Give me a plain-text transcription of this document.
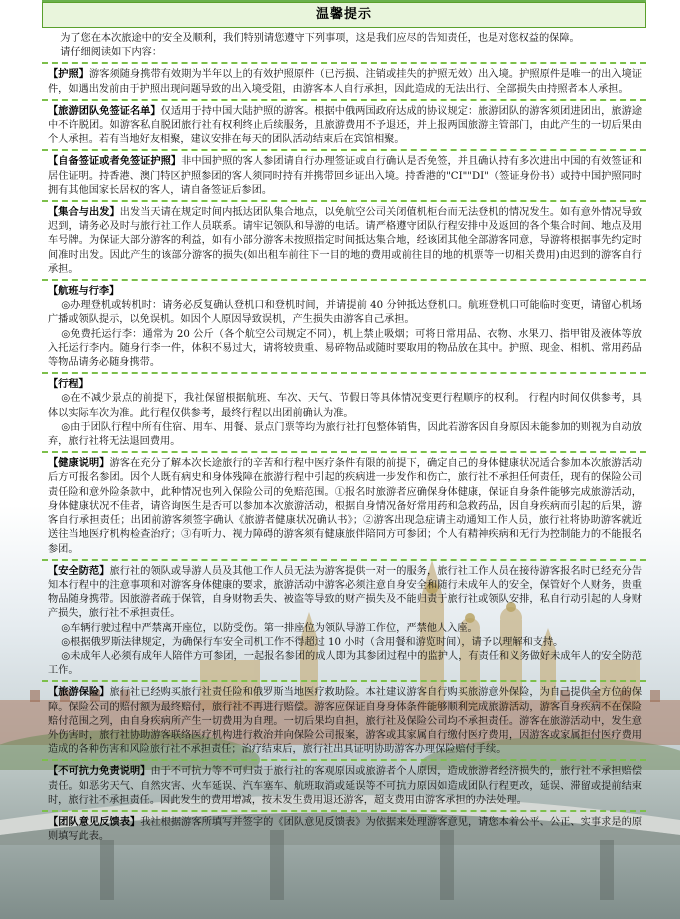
温馨提示

为了您在本次旅途中的安全及顺利，我们特别请您遵守下列事项，这是我们应尽的告知责任，也是对您权益的保障。

请仔细阅读如下内容：

【护照】游客须随身携带有效期为半年以上的有效护照原件（已污损、注销或挂失的护照无效）出入境。护照原件是唯一的出入境证件，如遇出发前由于护照出现问题导致的出入境受阻，由游客本人自行承担，因此造成的无法出行、全部损失由持照者本人承担。

【旅游团队免签证名单】仅适用于持中国大陆护照的游客。根据中俄两国政府达成的协议规定：旅游团队的游客须团进团出，旅游途中不许脱团。如游客私自脱团旅行社有权利终止后续服务，且旅游费用不予退还，并上报两国旅游主管部门，由此产生的一切后果由个人承担。若有当地好友相聚，建议安排在每天的团队活动结束后在宾馆相聚。

【自备签证或者免签证护照】非中国护照的客人参团请自行办理签证或自行确认是否免签，并且确认持有多次进出中国的有效签证和居住证明。持香港、澳门特区护照参团的客人须同时持有并携带回乡证出入境。持香港的"CI""DI"（签证身份书）或持中国护照同时拥有其他国家长居权的客人，请自备签证后参团。

【集合与出发】出发当天请在规定时间内抵达团队集合地点，以免航空公司关闭值机柜台而无法登机的情况发生。如有意外情况导致迟到，请务必及时与旅行社工作人员联系。请牢记领队和导游的电话。请严格遵守团队行程安排中及返回的各个集合时间、地点及用车号牌。为保证大部分游客的利益，如有小部分游客未按照指定时间抵达集合地，经该团其他全部游客同意，导游将根据事先约定时间准时出发。因此产生的该部分游客的损失(如出租车前往下一目的地的费用或前往目的地的机票等一切相关费用)由迟到的游客自行承担。

【航班与行李】

◎办理登机或转机时：请务必反复确认登机口和登机时间，并请提前 40 分钟抵达登机口。航班登机口可能临时变更，请留心机场广播或领队提示，以免误机。如因个人原因导致误机，产生损失由游客自己承担。

◎免费托运行李：通常为 20 公斤（各个航空公司规定不同），机上禁止吸烟；可将日常用品、衣物、水果刀、指甲钳及液体等放入托运行李内。随身行李一件，体积不易过大，请将较贵重、易碎物品或随时要取用的物品放在其中。护照、现金、相机、常用药品等物品请务必随身携带。

【行程】

◎在不减少景点的前提下，我社保留根据航班、车次、天气、节假日等具体情况变更行程顺序的权利。 行程内时间仅供参考，具体以实际车次为准。此行程仅供参考，最终行程以出团前确认为准。

◎由于团队行程中所有住宿、用车、用餐、景点门票等均为旅行社打包整体销售，因此若游客因自身原因未能参加的则视为自动放弃，旅行社将无法退回费用。

【健康说明】游客在充分了解本次长途旅行的辛苦和行程中医疗条件有限的前提下，确定自己的身体健康状况适合参加本次旅游活动后方可报名参团。因个人既有病史和身体残障在旅游行程中引起的疾病进一步发作和伤亡，旅行社不承担任何责任，现有的保险公司责任险和意外险条款中，此种情况也列入保险公司的免赔范围。①报名时旅游者应确保身体健康，保证自身条件能够完成旅游活动，身体健康状况不佳者，请咨询医生是否可以参加本次旅游活动，根据自身情况备好常用药和急救药品，因自身疾病而引起的后果，游客自行承担责任；出团前游客须签字确认《旅游者健康状况确认书》；②游客出现急症请主动通知工作人员，旅行社将协助游客就近送往当地医疗机构检查治疗；③有听力、视力障碍的游客须有健康旅伴陪同方可参团；个人有精神疾病和无行为控制能力的不能报名参团。

【安全防范】旅行社的领队或导游人员及其他工作人员无法为游客提供一对一的服务，旅行社工作人员在接待游客报名时已经充分告知本行程中的注意事项和对游客身体健康的要求，旅游活动中游客必须注意自身安全和随行未成年人的安全，保管好个人财务，贵重物品随身携带。因旅游者疏于保管，自身财物丢失、被盗等导致的财产损失及不能归责于旅行社或领队安排，私自行动引起的人身财产损失，旅行社不承担责任。

◎车辆行驶过程中严禁离开座位，以防受伤。第一排座位为领队导游工作位，严禁他人入座。

◎根据俄罗斯法律规定，为确保行车安全司机工作不得超过 10 小时（含用餐和游览时间），请予以理解和支持。

◎未成年人必须有成年人陪伴方可参团，一起报名参团的成人即为其参团过程中的监护人，有责任和义务做好未成年人的安全防范工作。

【旅游保险】旅行社已经购买旅行社责任险和俄罗斯当地医疗救助险。本社建议游客自行购买旅游意外保险，为自己提供全方位的保障。保险公司的赔付额为最终赔付，旅行社不再进行赔偿。游客应保证自身身体条件能够顺利完成旅游活动，游客自身疾病不在保险赔付范围之列，由自身疾病所产生一切费用为自理。一切后果均自担，旅行社及保险公司均不承担责任。游客在旅游活动中，发生意外伤害时，旅行社协助游客联络医疗机构进行救治并向保险公司报案，游客或其家属自行缴付医疗费用，因游客或家属拒付医疗费用造成的各种伤害和风险旅行社不承担责任；治疗结束后，旅行社出具证明协助游客办理保险赔付手续。

【不可抗力免责说明】由于不可抗力等不可归责于旅行社的客观原因或旅游者个人原因，造成旅游者经济损失的，旅行社不承担赔偿责任。如恶劣天气、自然灾害、火车延误、汽车塞车、航班取消或延误等不可抗力原因如造成团队行程更改，延误、滞留或提前结束时，旅行社不承担责任。因此发生的费用增减，按未发生费用退还游客，超支费用由游客承担的办法处理。

【团队意见反馈表】我社根据游客所填写并签字的《团队意见反馈表》为依据来处理游客意见，请您本着公平、公正、实事求是的原则填写此表。
